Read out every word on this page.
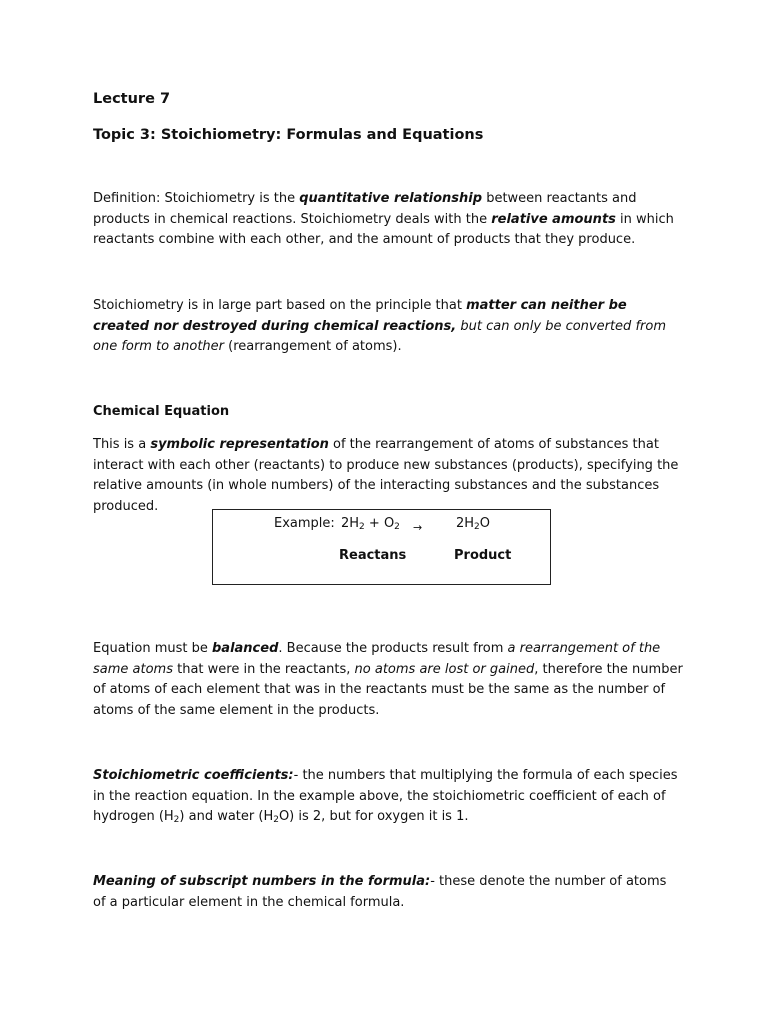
Lecture 7

Topic 3: Stoichiometry: Formulas and Equations

Definition: Stoichiometry is the quantitative relationship between reactants and products in chemical reactions. Stoichiometry deals with the relative amounts in which reactants combine with each other, and the amount of products that they produce.

Stoichiometry is in large part based on the principle that matter can neither be created nor destroyed during chemical reactions, but can only be converted from one form to another (rearrangement of atoms).

Chemical Equation

This is a symbolic representation of the rearrangement of atoms of substances that interact with each other (reactants) to produce new substances (products), specifying the relative amounts (in whole numbers) of the interacting substances and the substances produced.

Equation must be balanced. Because the products result from a rearrangement of the same atoms that were in the reactants, no atoms are lost or gained, therefore the number of atoms of each element that was in the reactants must be the same as the number of atoms of the same element in the products.

Stoichiometric coefficients:- the numbers that multiplying the formula of each species in the reaction equation. In the example above, the stoichiometric coefficient of each of hydrogen $(H_2)$ and water $(H_2O)$ is 2, but for oxygen it is 1.

Meaning of subscript numbers in the formula:- these denote the number of atoms of a particular element in the chemical formula.

Example: $2H_2 + O_2$ →	$2H_2O$
Reactans	Product
